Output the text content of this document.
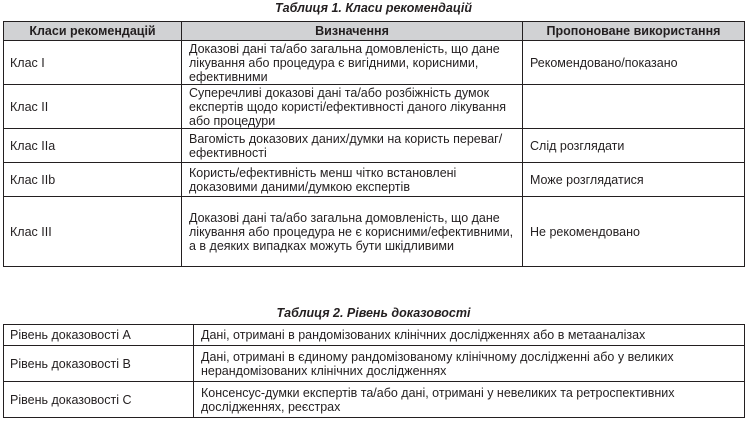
Таблиця 1. Класи рекомендацій
Класи рекомендацій	Визначення	Пропоноване використання
Клас І	Доказові дані та/або загальна домовленість, що дане лікування або процедура є вигідними, корисними, ефективними	Рекомендовано/показано
Клас ІІ	Суперечливі доказові дані та/або розбіжність думок експертів щодо користі/ефективності даного лікування або процедури	
Клас ІІа	Вагомість доказових даних/думки на користь переваг/ефективності	Слід розглядати
Клас ІІb	Користь/ефективність менш чітко встановлені доказовими даними/думкою експертів	Може розглядатися
Клас ІІІ	Доказові дані та/або загальна домовленість, що дане лікування або процедура не є корисними/ефективними, а в деяких випадках можуть бути шкідливими	Не рекомендовано
Таблиця 2. Рівень доказовості
Рівень доказовості А	Дані, отримані в рандомізованих клінічних дослідженнях або в метааналізах
Рівень доказовості В	Дані, отримані в єдиному рандомізованому клінічному дослідженні або у великих нерандомізованих клінічних дослідженнях
Рівень доказовості С	Консенсус-думки експертів та/або дані, отримані у невеликих та ретроспективних дослідженнях, реєстрах
